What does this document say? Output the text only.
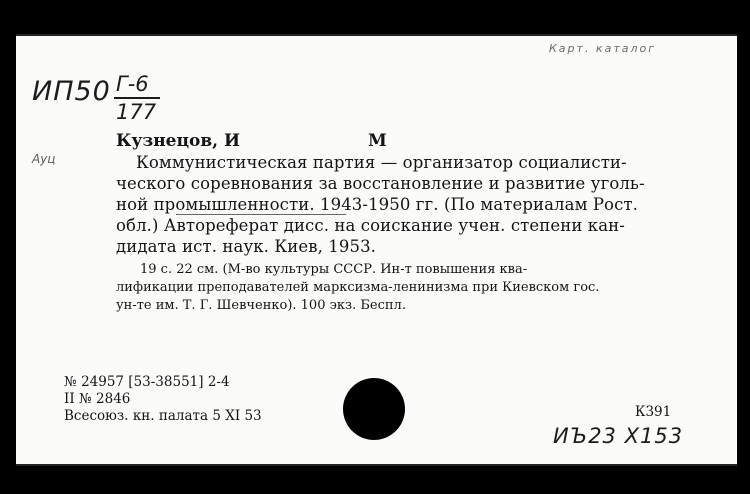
Карт. каталог
ИП50 Г-6
177
Ауц
Кузнецов, И	М
Коммунистическая партия — организатор социалисти-
ческого соревнования за восстановление и развитие уголь-
ной промышленности. 1943-1950 гг. (По материалам Рост.
обл.) Автореферат дисс. на соискание учен. степени кан-
дидата ист. наук. Киев, 1953.
19 с. 22 см. (М-во культуры СССР. Ин-т повышения ква-
лификации преподавателей марксизма-ленинизма при Киевском гос.
ун-те им. Т. Г. Шевченко). 100 экз. Беспл.
№ 24957 [53-38551] 2-4
II № 2846
Всесоюз. кн. палата 5 XI 53	К391
ИЪ23 Х153
